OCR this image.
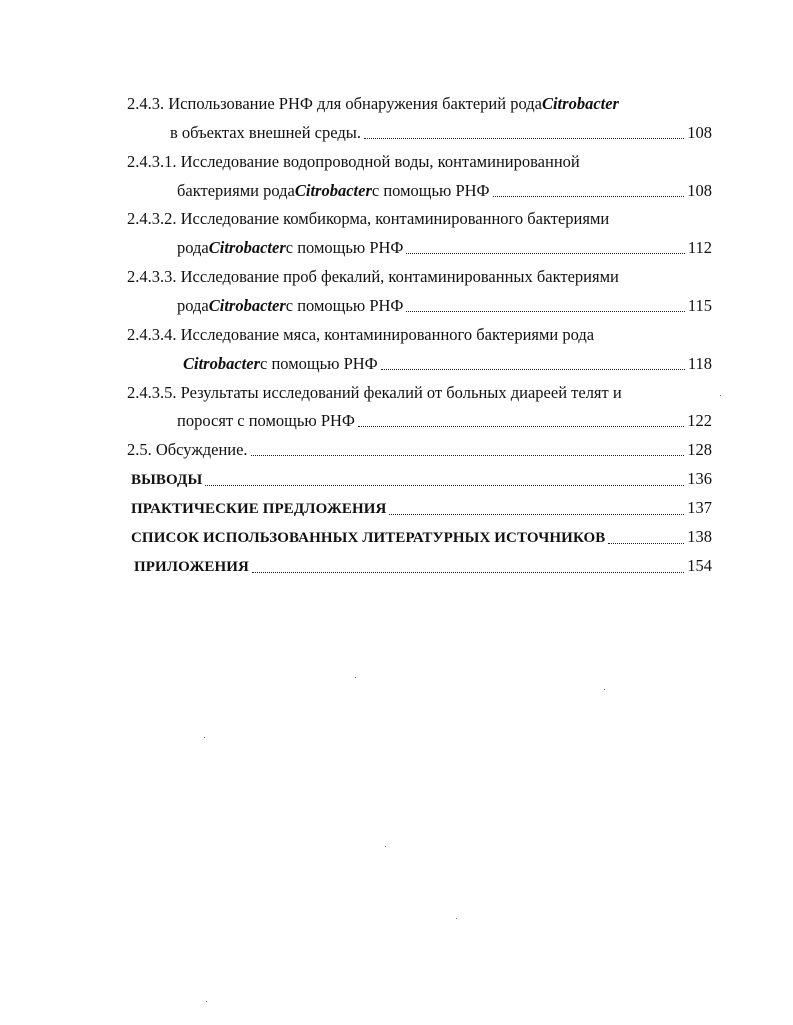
2.4.3. Использование РНФ для обнаружения бактерий рода Citrobacter
в объектах внешней среды.	108
2.4.3.1. Исследование водопроводной воды, контаминированной
бактериями рода Citrobacter с помощью РНФ	108
2.4.3.2. Исследование комбикорма, контаминированного бактериями
рода Citrobacter с помощью РНФ	112
2.4.3.3. Исследование проб фекалий, контаминированных бактериями
рода Citrobacter с помощью РНФ	115
2.4.3.4. Исследование мяса, контаминированного бактериями рода
Citrobacter с помощью РНФ	118
2.4.3.5. Результаты исследований фекалий от больных диареей телят и
поросят с помощью РНФ	122
2.5. Обсуждение.	128
ВЫВОДЫ	136
ПРАКТИЧЕСКИЕ ПРЕДЛОЖЕНИЯ	137
СПИСОК ИСПОЛЬЗОВАННЫХ ЛИТЕРАТУРНЫХ ИСТОЧНИКОВ	138
ПРИЛОЖЕНИЯ	154
